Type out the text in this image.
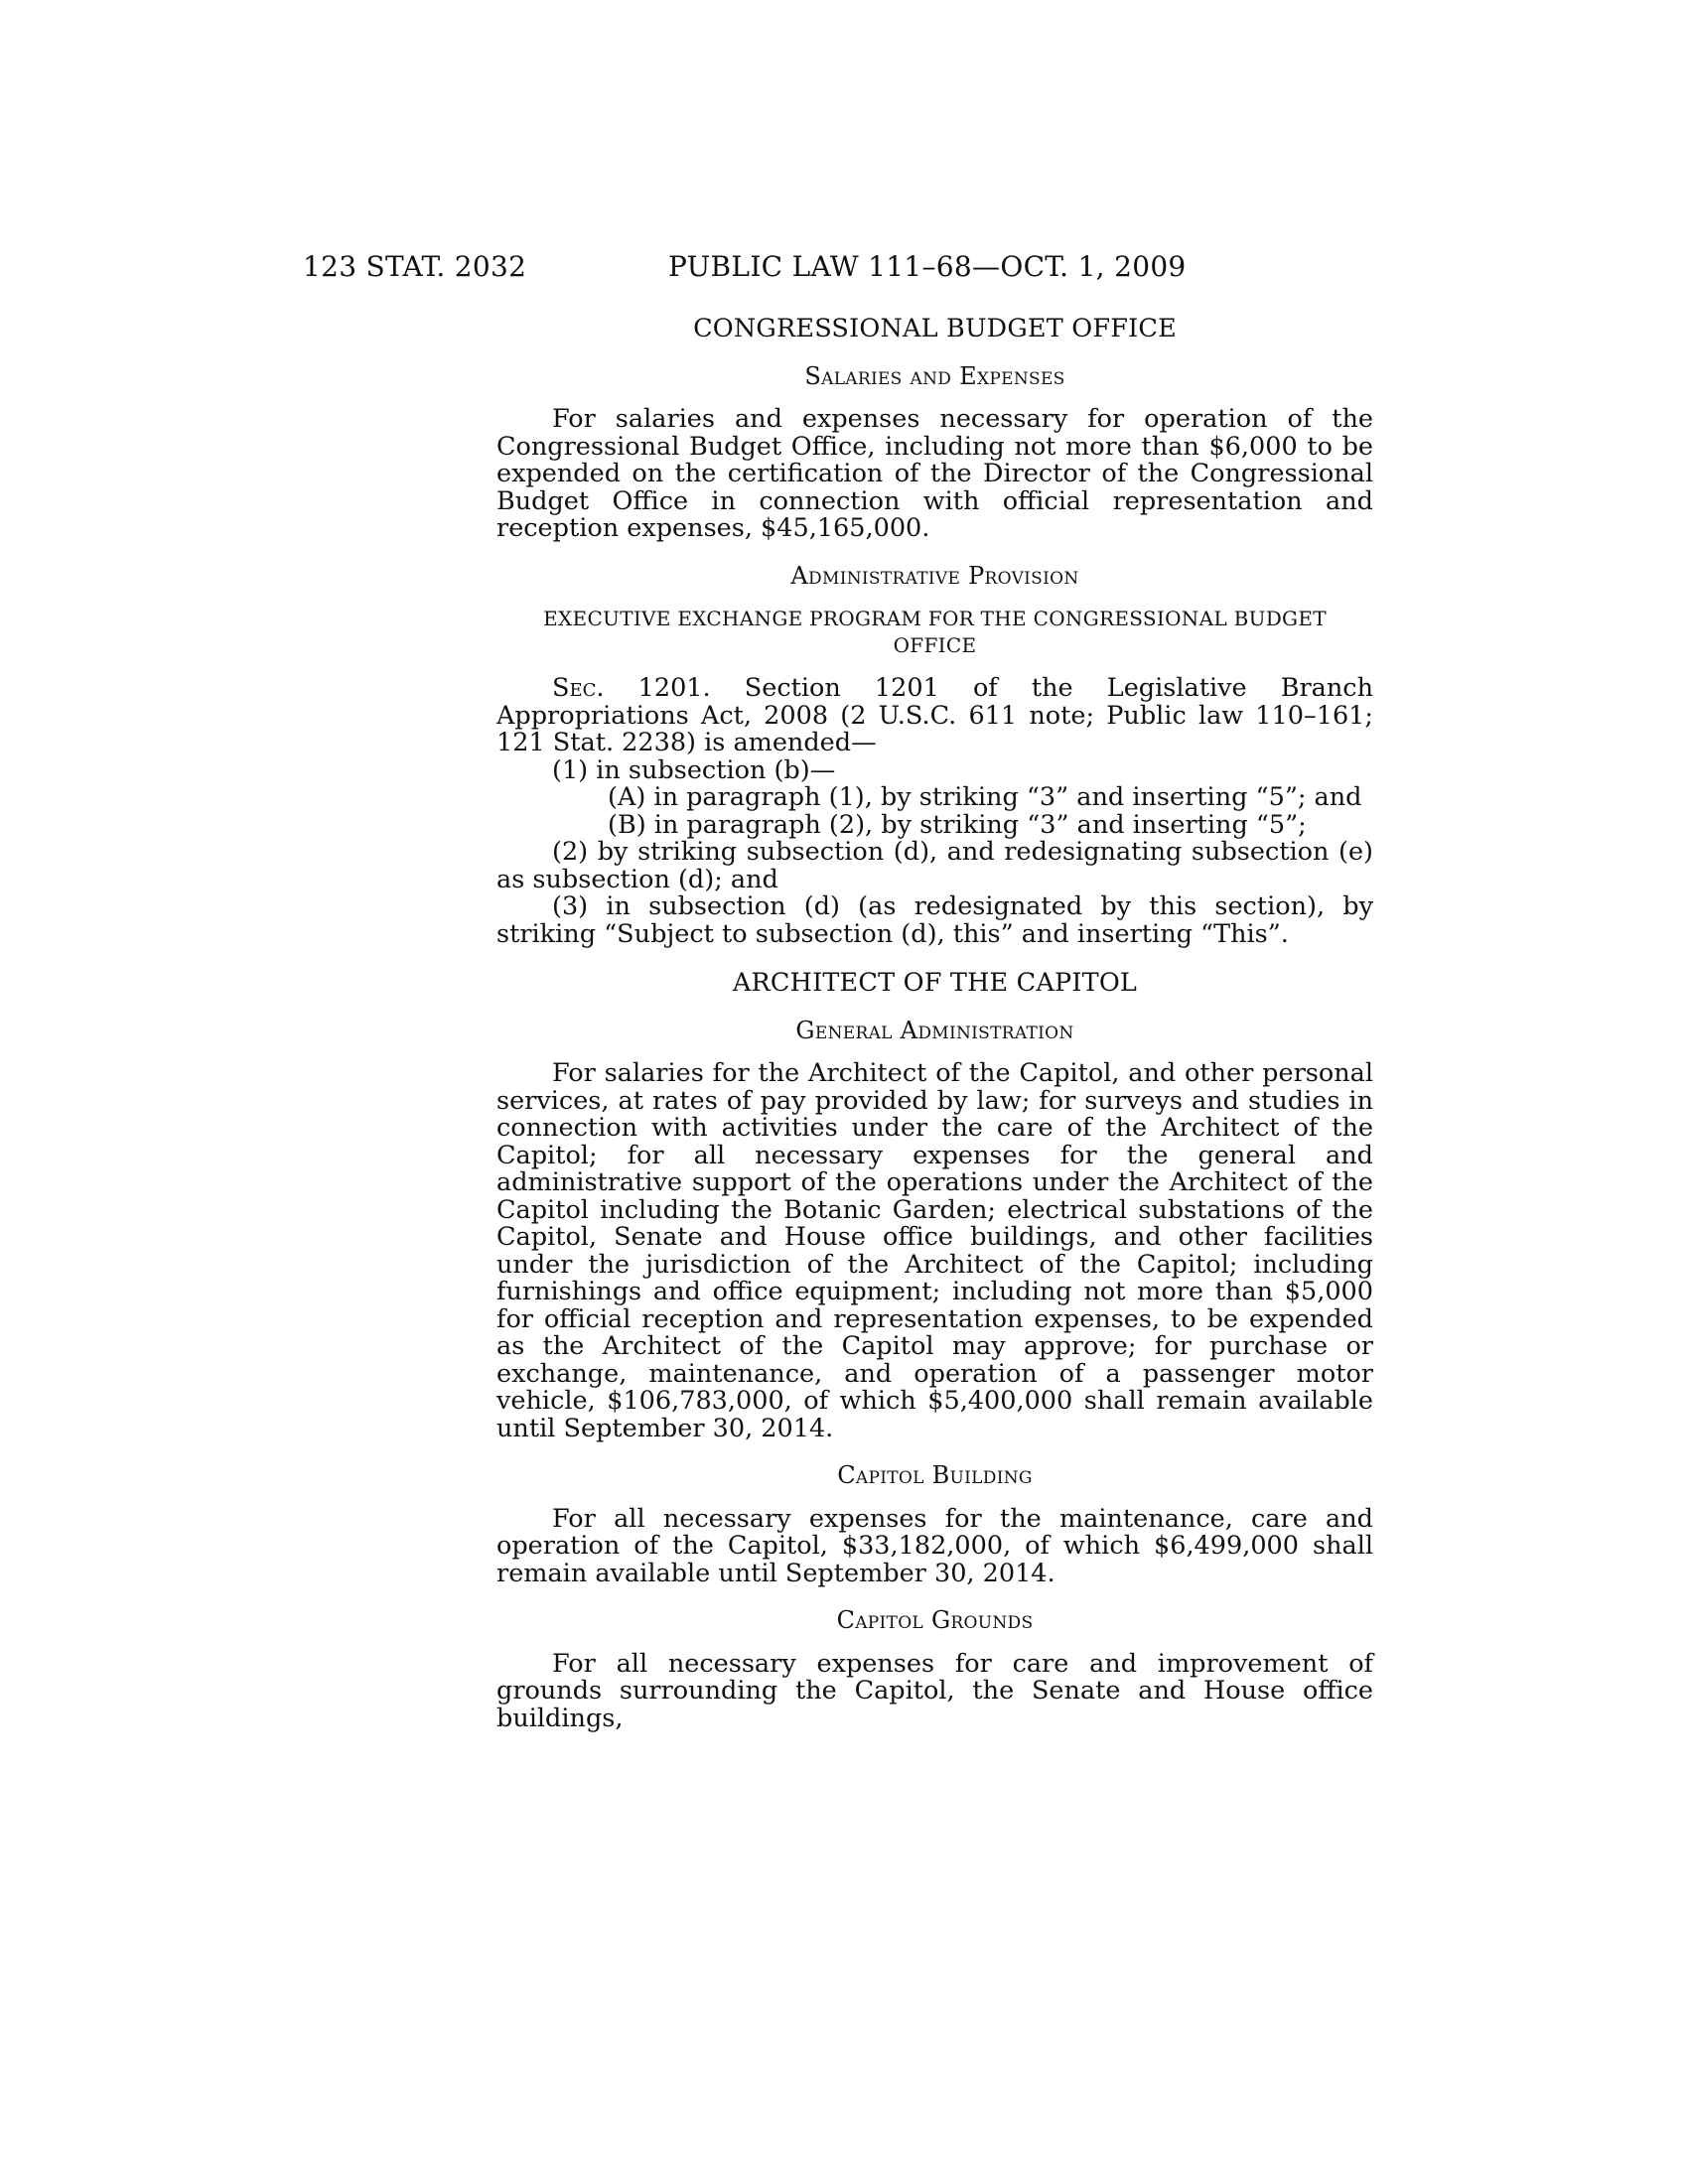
123 STAT. 2032	PUBLIC LAW 111–68—OCT. 1, 2009
CONGRESSIONAL BUDGET OFFICE
Salaries and Expenses

For salaries and expenses necessary for operation of the Congressional Budget Office, including not more than $6,000 to be expended on the certification of the Director of the Congressional Budget Office in connection with official representation and reception expenses, $45,165,000.

Administrative Provision
EXECUTIVE EXCHANGE PROGRAM FOR THE CONGRESSIONAL BUDGET OFFICE

Sec. 1201. Section 1201 of the Legislative Branch Appropriations Act, 2008 (2 U.S.C. 611 note; Public law 110–161; 121 Stat. 2238) is amended—

(1) in subsection (b)—

(A) in paragraph (1), by striking “3” and inserting “5”; and

(B) in paragraph (2), by striking “3” and inserting “5”;

(2) by striking subsection (d), and redesignating subsection (e) as subsection (d); and

(3) in subsection (d) (as redesignated by this section), by striking “Subject to subsection (d), this” and inserting “This”.

ARCHITECT OF THE CAPITOL
General Administration

For salaries for the Architect of the Capitol, and other personal services, at rates of pay provided by law; for surveys and studies in connection with activities under the care of the Architect of the Capitol; for all necessary expenses for the general and administrative support of the operations under the Architect of the Capitol including the Botanic Garden; electrical substations of the Capitol, Senate and House office buildings, and other facilities under the jurisdiction of the Architect of the Capitol; including furnishings and office equipment; including not more than $5,000 for official reception and representation expenses, to be expended as the Architect of the Capitol may approve; for purchase or exchange, maintenance, and operation of a passenger motor vehicle, $106,783,000, of which $5,400,000 shall remain available until September 30, 2014.

Capitol Building

For all necessary expenses for the maintenance, care and operation of the Capitol, $33,182,000, of which $6,499,000 shall remain available until September 30, 2014.

Capitol Grounds

For all necessary expenses for care and improvement of grounds surrounding the Capitol, the Senate and House office buildings,
